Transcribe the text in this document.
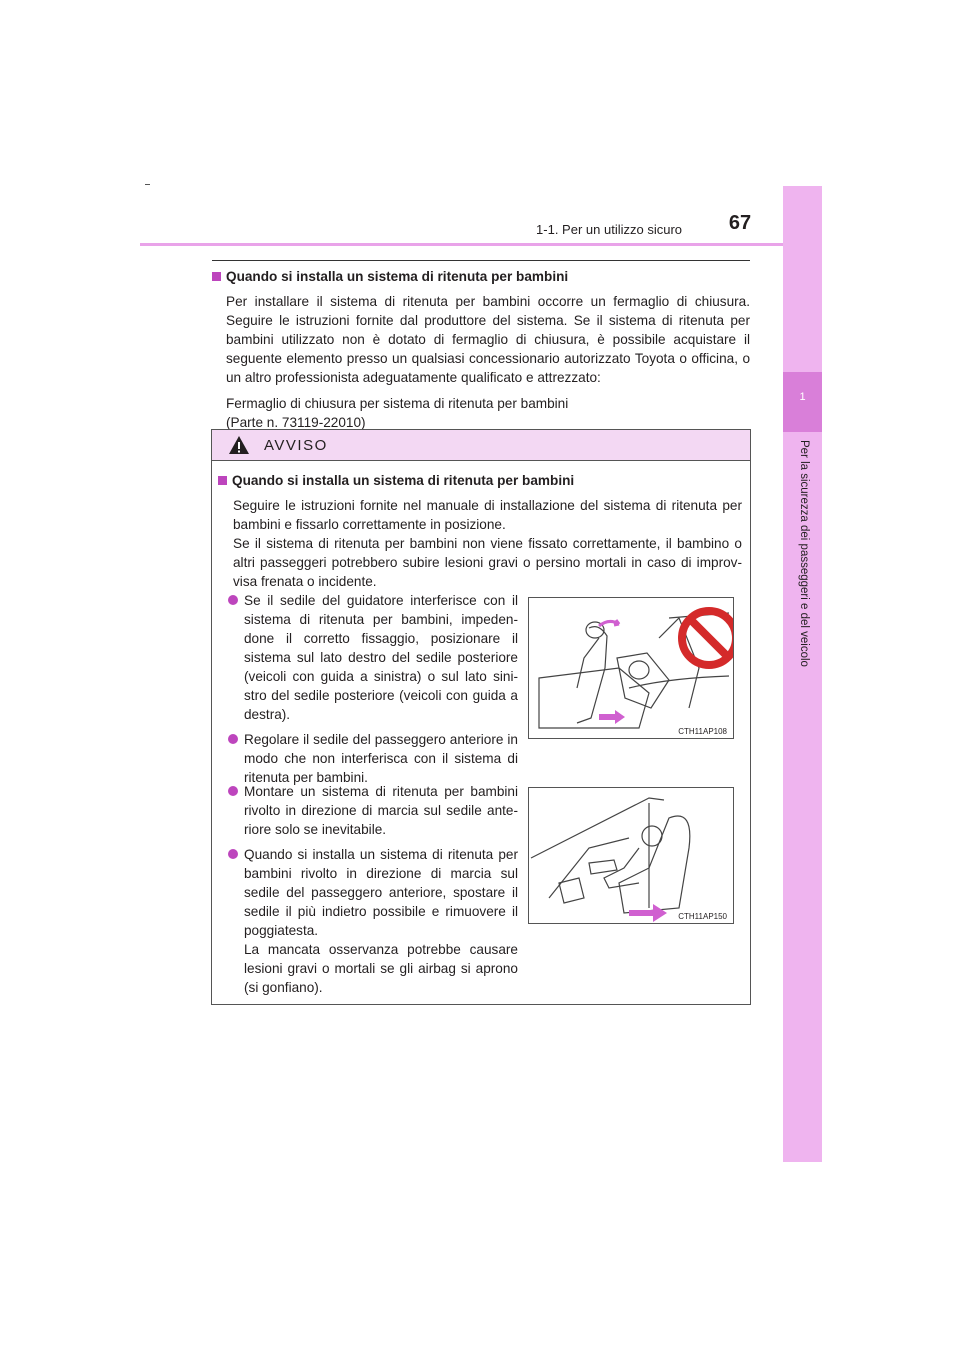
1-1. Per un utilizzo sicuro	67
1
Per la sicurezza dei passeggeri e del veicolo
Quando si installa un sistema di ritenuta per bambini
Per installare il sistema di ritenuta per bambini occorre un fermaglio di chiusura. Seguire le istruzioni fornite dal produttore del sistema. Se il sistema di ritenuta per bambini utilizzato non è dotato di fermaglio di chiusura, è possibile acquistare il seguente elemento presso un qualsiasi concessionario autorizzato Toyota o officina, o un altro professionista adeguatamente qualificato e attrezzato:
Fermaglio di chiusura per sistema di ritenuta per bambini
(Parte n. 73119-22010)
AVVISO
Quando si installa un sistema di ritenuta per bambini
Seguire le istruzioni fornite nel manuale di installazione del sistema di ritenuta per bambini e fissarlo correttamente in posizione.
Se il sistema di ritenuta per bambini non viene fissato correttamente, il bambino o altri passeggeri potrebbero subire lesioni gravi o persino mortali in caso di improv-visa frenata o incidente.
Se il sedile del guidatore interferisce con il sistema di ritenuta per bambini, impeden-done il corretto fissaggio, posizionare il sistema sul lato destro del sedile posteriore (veicoli con guida a sinistra) o sul lato sini-stro del sedile posteriore (veicoli con guida a destra).
Regolare il sedile del passeggero anteriore in modo che non interferisca con il sistema di ritenuta per bambini.
CTH11AP108
Montare un sistema di ritenuta per bambini rivolto in direzione di marcia sul sedile ante-riore solo se inevitabile.
Quando si installa un sistema di ritenuta per bambini rivolto in direzione di marcia sul sedile del passeggero anteriore, spostare il sedile il più indietro possibile e rimuovere il poggiatesta.
La mancata osservanza potrebbe causare lesioni gravi o mortali se gli airbag si aprono (si gonfiano).
CTH11AP150
